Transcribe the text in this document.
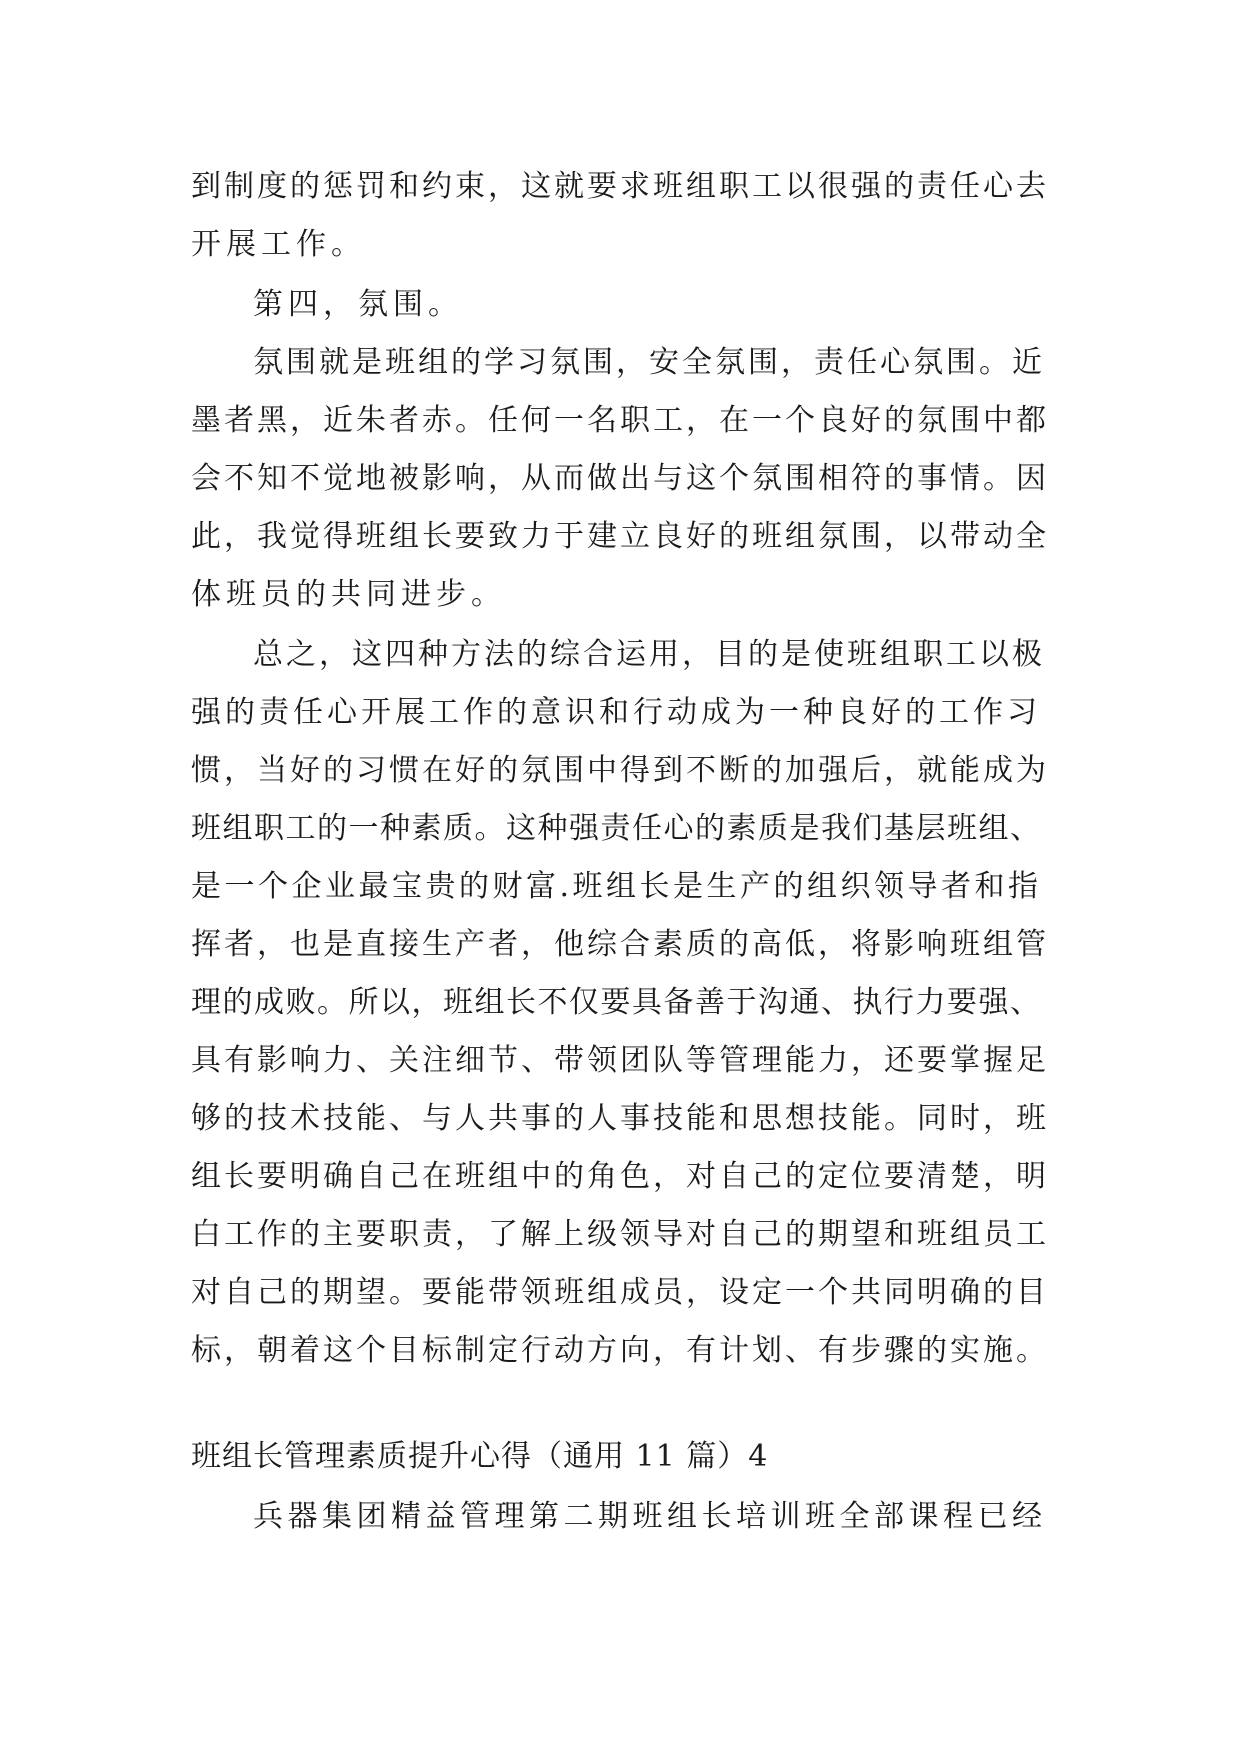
到制度的惩罚和约束，这就要求班组职工以很强的责任心去
开展工作。
第四，氛围。
氛围就是班组的学习氛围，安全氛围，责任心氛围。近
墨者黑，近朱者赤。任何一名职工，在一个良好的氛围中都
会不知不觉地被影响，从而做出与这个氛围相符的事情。因
此，我觉得班组长要致力于建立良好的班组氛围，以带动全
体班员的共同进步。
总之，这四种方法的综合运用，目的是使班组职工以极
强的责任心开展工作的意识和行动成为一种良好的工作习
惯，当好的习惯在好的氛围中得到不断的加强后，就能成为
班组职工的一种素质。这种强责任心的素质是我们基层班组、
是一个企业最宝贵的财富.班组长是生产的组织领导者和指
挥者，也是直接生产者，他综合素质的高低，将影响班组管
理的成败。所以，班组长不仅要具备善于沟通、执行力要强、
具有影响力、关注细节、带领团队等管理能力，还要掌握足
够的技术技能、与人共事的人事技能和思想技能。同时，班
组长要明确自己在班组中的角色，对自己的定位要清楚，明
白工作的主要职责，了解上级领导对自己的期望和班组员工
对自己的期望。要能带领班组成员，设定一个共同明确的目
标，朝着这个目标制定行动方向，有计划、有步骤的实施。
班组长管理素质提升心得（通用 11 篇）4
兵器集团精益管理第二期班组长培训班全部课程已经
